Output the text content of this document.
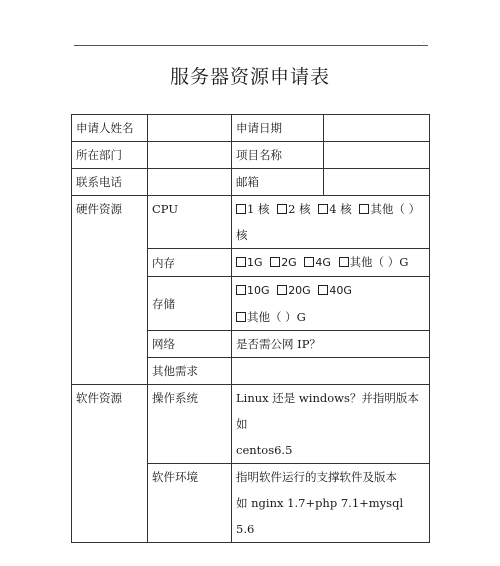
.
服务器资源申请表
申请人姓名		申请日期	
所在部门		项目名称	
联系电话		邮箱	
硬件资源	CPU	1 核 2 核 4 核 其他（ ）
核	

	内存	1G 2G 4G 其他（ ）G	
	存储	10G 20G 40G 其他（ ）G	
	网络	是否需公网 IP？	
	其他需求		
软件资源	操作系统	Linux 还是 windows？并指明版本如
centos6.5	

	软件环境	指明软件运行的支撑软件及版本
如 nginx 1.7+php 7.1+mysql 5.6	
